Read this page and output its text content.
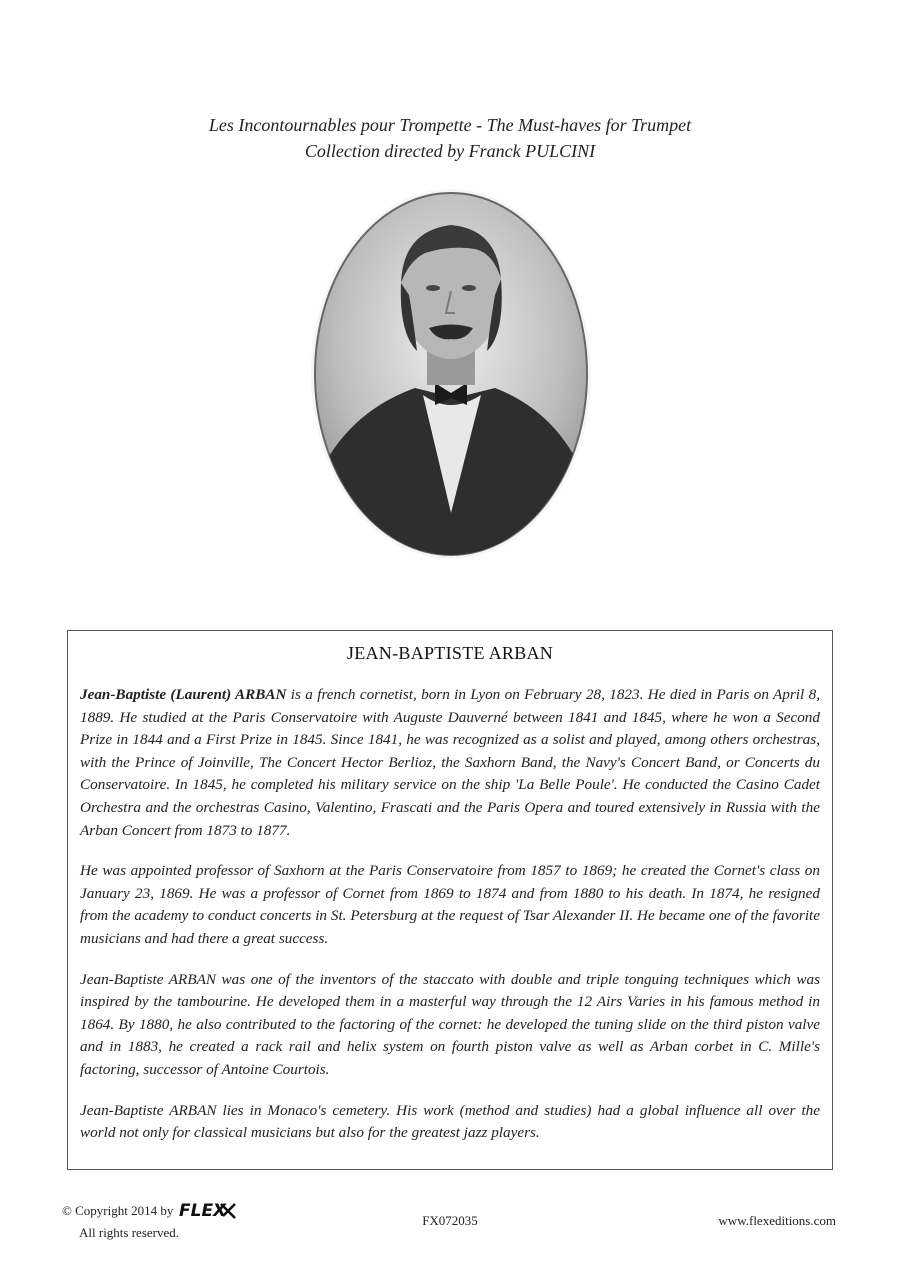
Les Incontournables pour Trompette - The Must-haves for Trumpet
Collection directed by Franck PULCINI
JEAN-BAPTISTE ARBAN

Jean-Baptiste (Laurent) ARBAN is a french cornetist, born in Lyon on February 28, 1823. He died in Paris on April 8, 1889. He studied at the Paris Conservatoire with Auguste Dauverné between 1841 and 1845, where he won a Second Prize in 1844 and a First Prize in 1845. Since 1841, he was recognized as a solist and played, among others orchestras, with the Prince of Joinville, The Concert Hector Berlioz, the Saxhorn Band, the Navy's Concert Band, or Concerts du Conservatoire. In 1845, he completed his military service on the ship 'La Belle Poule'. He conducted the Casino Cadet Orchestra and the orchestras Casino, Valentino, Frascati and the Paris Opera and toured extensively in Russia with the Arban Concert from 1873 to 1877.

He was appointed professor of Saxhorn at the Paris Conservatoire from 1857 to 1869; he created the Cornet's class on January 23, 1869. He was a professor of Cornet from 1869 to 1874 and from 1880 to his death. In 1874, he resigned from the academy to conduct concerts in St. Petersburg at the request of Tsar Alexander II. He became one of the favorite musicians and had there a great success.

Jean-Baptiste ARBAN was one of the inventors of the staccato with double and triple tonguing techniques which was inspired by the tambourine. He developed them in a masterful way through the 12 Airs Varies in his famous method in 1864. By 1880, he also contributed to the factoring of the cornet: he developed the tuning slide on the third piston valve and in 1883, he created a rack rail and helix system on fourth piston valve as well as Arban corbet in C. Mille's factoring, successor of Antoine Courtois.

Jean-Baptiste ARBAN lies in Monaco's cemetery. His work (method and studies) had a global influence all over the world not only for classical musicians but also for the greatest jazz players.

© Copyright 2014 by FLEX
All rights reserved.
FX072035	www.flexeditions.com
